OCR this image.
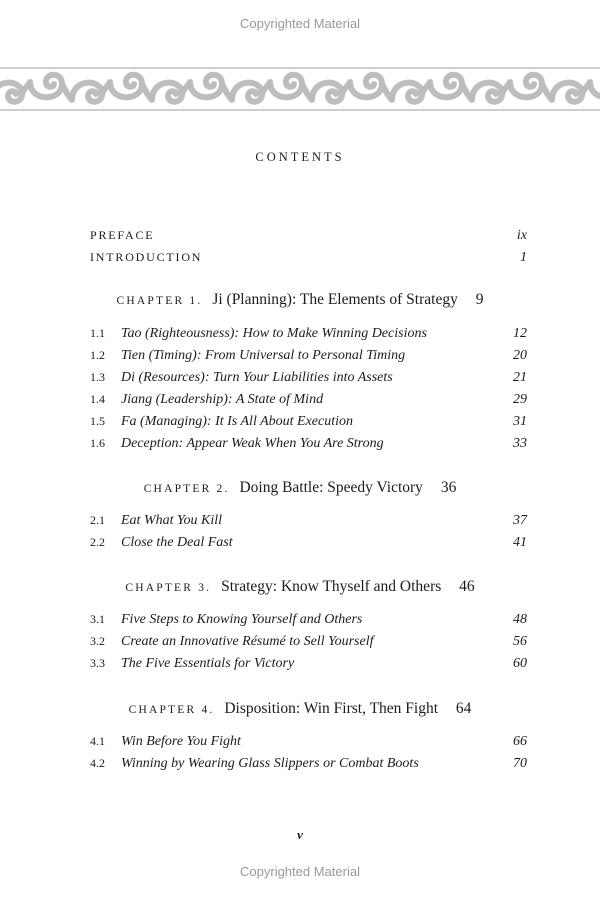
Copyrighted Material
CONTENTS
PREFACE	ix
INTRODUCTION	1
CHAPTER 1. Ji (Planning): The Elements of Strategy 9
1.1	Tao (Righteousness): How to Make Winning Decisions	12
1.2	Tien (Timing): From Universal to Personal Timing	20
1.3	Di (Resources): Turn Your Liabilities into Assets	21
1.4	Jiang (Leadership): A State of Mind	29
1.5	Fa (Managing): It Is All About Execution	31
1.6	Deception: Appear Weak When You Are Strong	33
CHAPTER 2. Doing Battle: Speedy Victory 36
2.1	Eat What You Kill	37
2.2	Close the Deal Fast	41
CHAPTER 3. Strategy: Know Thyself and Others 46
3.1	Five Steps to Knowing Yourself and Others	48
3.2	Create an Innovative Résumé to Sell Yourself	56
3.3	The Five Essentials for Victory	60
CHAPTER 4. Disposition: Win First, Then Fight 64
4.1	Win Before You Fight	66
4.2	Winning by Wearing Glass Slippers or Combat Boots	70
v
Copyrighted Material
